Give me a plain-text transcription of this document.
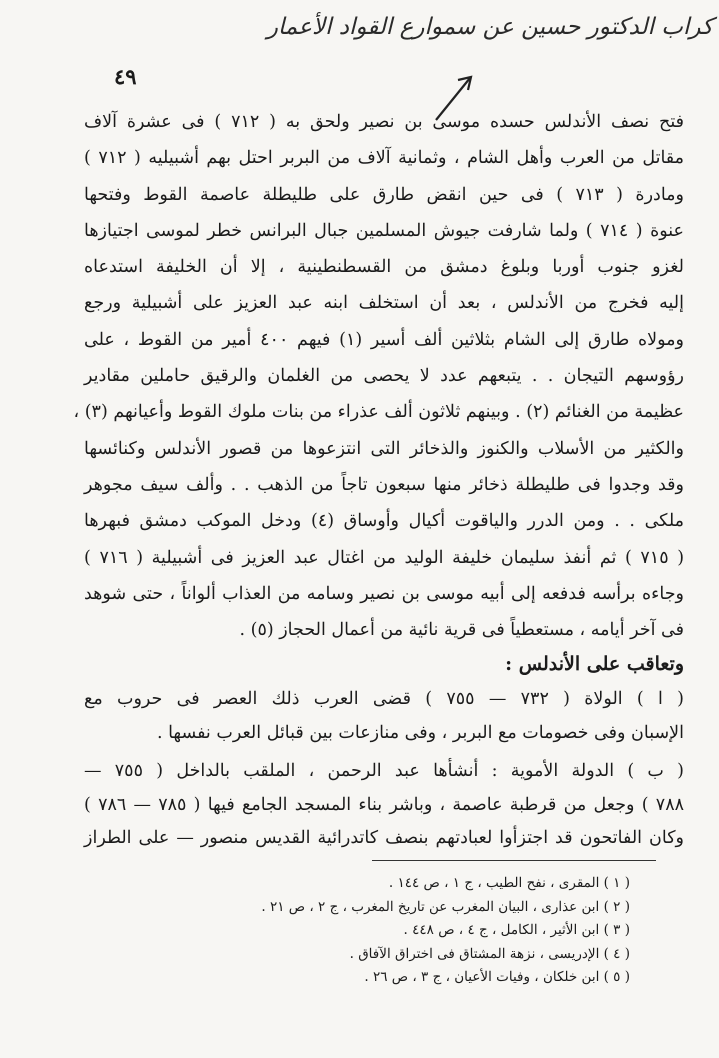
كراب الدكتور حسين عن سموارع القواد الأعمار
٤٩
فتح نصف الأندلس حسده موسى بن نصير ولحق به ( ٧١٢ ) فى عشرة آلاف
مقاتل من العرب وأهل الشام ، وثمانية آلاف من البربر احتل بهم أشبيليه ( ٧١٢ )
ومادرة ( ٧١٣ ) فى حين انقض طارق على طليطلة عاصمة القوط وفتحها
عنوة ( ٧١٤ ) ولما شارفت جيوش المسلمين جبال البرانس خطر لموسى اجتيازها
لغزو جنوب أوربا وبلوغ دمشق من القسطنطينية ، إلا أن الخليفة استدعاه
إليه فخرج من الأندلس ، بعد أن استخلف ابنه عبد العزيز على أشبيلية ورجع
ومولاه طارق إلى الشام بثلاثين ألف أسير (١) فيهم ٤٠٠ أمير من القوط ، على
رؤوسهم التيجان . . يتبعهم عدد لا يحصى من الغلمان والرقيق حاملين مقادير
عظيمة من الغنائم (٢) . وبينهم ثلاثون ألف عذراء من بنات ملوك القوط وأعيانهم (٣) ،
والكثير من الأسلاب والكنوز والذخائر التى انتزعوها من قصور الأندلس وكنائسها
وقد وجدوا فى طليطلة ذخائر منها سبعون تاجاً من الذهب . . وألف سيف مجوهر
ملكى . . ومن الدرر والياقوت أكيال وأوساق (٤) ودخل الموكب دمشق فبهرها
( ٧١٥ ) ثم أنفذ سليمان خليفة الوليد من اغتال عبد العزيز فى أشبيلية ( ٧١٦ )
وجاءه برأسه فدفعه إلى أبيه موسى بن نصير وسامه من العذاب ألواناً ، حتى شوهد
فى آخر أيامه ، مستعطياً فى قرية نائية من أعمال الحجاز (٥) .
وتعاقب على الأندلس :
( ا ) الولاة ( ٧٣٢ — ٧٥٥ ) قضى العرب ذلك العصر فى حروب مع
الإسبان وفى خصومات مع البربر ، وفى منازعات بين قبائل العرب نفسها .
( ب ) الدولة الأموية : أنشأها عبد الرحمن ، الملقب بالداخل ( ٧٥٥ —
٧٨٨ ) وجعل من قرطبة عاصمة ، وباشر بناء المسجد الجامع فيها ( ٧٨٥ — ٧٨٦ )
وكان الفاتحون قد اجتزأوا لعبادتهم بنصف كاتدرائية القديس منصور — على الطراز
( ١ ) المقرى ، نفح الطيب ، ج ١ ، ص ١٤٤ .
( ٢ ) ابن عذارى ، البيان المغرب عن تاريخ المغرب ، ج ٢ ، ص ٢١ .
( ٣ ) ابن الأثير ، الكامل ، ج ٤ ، ص ٤٤٨ .
( ٤ ) الإدريسى ، نزهة المشتاق فى اختراق الآفاق .
( ٥ ) ابن خلكان ، وفيات الأعيان ، ج ٣ ، ص ٢٦ .
